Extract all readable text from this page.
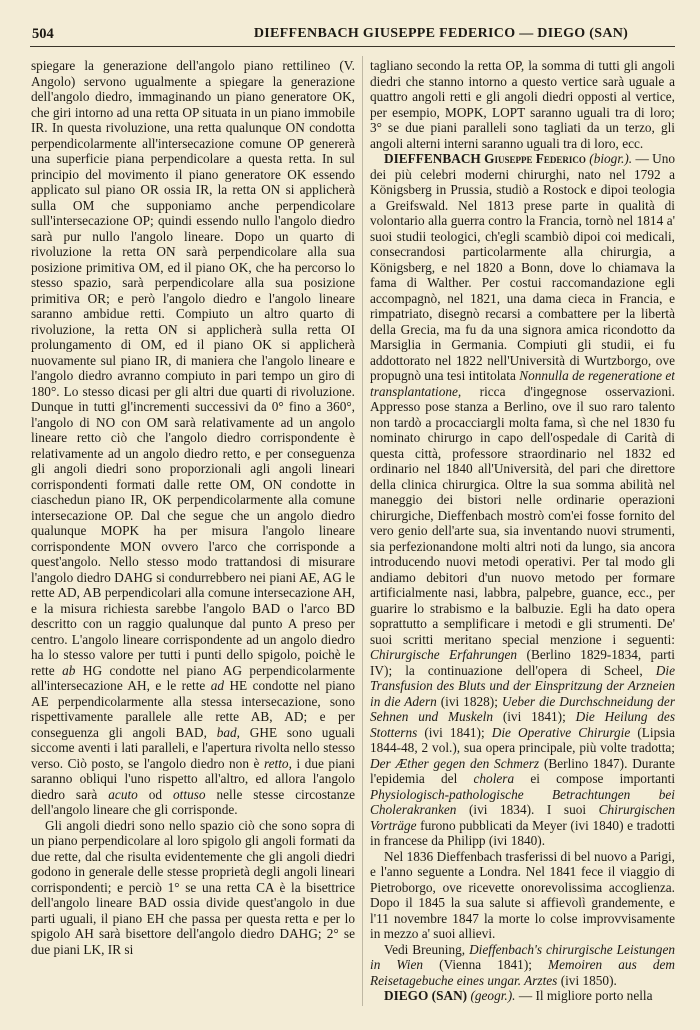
504	DIEFFENBACH GIUSEPPE FEDERICO — DIEGO (SAN)

spiegare la generazione dell'angolo piano rettilineo (V. Angolo) servono ugualmente a spiegare la generazione dell'angolo diedro, immaginando un piano generatore OK, che giri intorno ad una retta OP situata in un piano immobile IR. In questa rivoluzione, una retta qualunque ON condotta perpendicolarmente all'intersecazione comune OP genererà una superficie piana perpendicolare a questa retta. In sul principio del movimento il piano generatore OK essendo applicato sul piano OR ossia IR, la retta ON si applicherà sulla OM che supponiamo anche perpendicolare sull'intersecazione OP; quindi essendo nullo l'angolo diedro sarà pur nullo l'angolo lineare. Dopo un quarto di rivoluzione la retta ON sarà perpendicolare alla sua posizione primitiva OM, ed il piano OK, che ha percorso lo stesso spazio, sarà perpendicolare alla sua posizione primitiva OR; e però l'angolo diedro e l'angolo lineare saranno ambidue retti. Compiuto un altro quarto di rivoluzione, la retta ON si applicherà sulla retta OI prolungamento di OM, ed il piano OK si applicherà nuovamente sul piano IR, di maniera che l'angolo lineare e l'angolo diedro avranno compiuto in pari tempo un giro di 180°. Lo stesso dicasi per gli altri due quarti di rivoluzione. Dunque in tutti gl'incrementi successivi da 0° fino a 360°, l'angolo di NO con OM sarà relativamente ad un angolo lineare retto ciò che l'angolo diedro corrispondente è relativamente ad un angolo diedro retto, e per conseguenza gli angoli diedri sono proporzionali agli angoli lineari corrispondenti formati dalle rette OM, ON condotte in ciaschedun piano IR, OK perpendicolarmente alla comune intersecazione OP. Dal che segue che un angolo diedro qualunque MOPK ha per misura l'angolo lineare corrispondente MON ovvero l'arco che corrisponde a quest'angolo. Nello stesso modo trattandosi di misurare l'angolo diedro DAHG si condurrebbero nei piani AE, AG le rette AD, AB perpendicolari alla comune intersecazione AH, e la misura richiesta sarebbe l'angolo BAD o l'arco BD descritto con un raggio qualunque dal punto A preso per centro. L'angolo lineare corrispondente ad un angolo diedro ha lo stesso valore per tutti i punti dello spigolo, poichè le rette ab HG condotte nel piano AG perpendicolarmente all'intersecazione AH, e le rette ad HE condotte nel piano AE perpendicolarmente alla stessa intersecazione, sono rispettivamente parallele alle rette AB, AD; e per conseguenza gli angoli BAD, bad, GHE sono uguali siccome aventi i lati paralleli, e l'apertura rivolta nello stesso verso. Ciò posto, se l'angolo diedro non è retto, i due piani saranno obliqui l'uno rispetto all'altro, ed allora l'angolo diedro sarà acuto od ottuso nelle stesse circostanze dell'angolo lineare che gli corrisponde.

Gli angoli diedri sono nello spazio ciò che sono sopra di un piano perpendicolare al loro spigolo gli angoli formati da due rette, dal che risulta evidentemente che gli angoli diedri godono in generale delle stesse proprietà degli angoli lineari corrispondenti; e perciò 1° se una retta CA è la bisettrice dell'angolo lineare BAD ossia divide quest'angolo in due parti uguali, il piano EH che passa per questa retta e per lo spigolo AH sarà bisettore dell'angolo diedro DAHG; 2° se due piani LK, IR si

tagliano secondo la retta OP, la somma di tutti gli angoli diedri che stanno intorno a questo vertice sarà uguale a quattro angoli retti e gli angoli diedri opposti al vertice, per esempio, MOPK, LOPT saranno uguali tra di loro; 3° se due piani paralleli sono tagliati da un terzo, gli angoli alterni interni saranno uguali tra di loro, ecc.

DIEFFENBACH Giuseppe Federico (biogr.). — Uno dei più celebri moderni chirurghi, nato nel 1792 a Königsberg in Prussia, studiò a Rostock e dipoi teologia a Greifswald. Nel 1813 prese parte in qualità di volontario alla guerra contro la Francia, tornò nel 1814 a' suoi studii teologici, ch'egli scambiò dipoi coi medicali, consecrandosi particolarmente alla chirurgia, a Königsberg, e nel 1820 a Bonn, dove lo chiamava la fama di Walther. Per costui raccomandazione egli accompagnò, nel 1821, una dama cieca in Francia, e rimpatriato, disegnò recarsi a combattere per la libertà della Grecia, ma fu da una signora amica ricondotto da Marsiglia in Germania. Compiuti gli studii, ei fu addottorato nel 1822 nell'Università di Wurtzborgo, ove propugnò una tesi intitolata Nonnulla de regeneratione et transplantatione, ricca d'ingegnose osservazioni. Appresso pose stanza a Berlino, ove il suo raro talento non tardò a procacciargli molta fama, sì che nel 1830 fu nominato chirurgo in capo dell'ospedale di Carità di questa città, professore straordinario nel 1832 ed ordinario nel 1840 all'Università, del pari che direttore della clinica chirurgica. Oltre la sua somma abilità nel maneggio dei bistori nelle ordinarie operazioni chirurgiche, Dieffenbach mostrò com'ei fosse fornito del vero genio dell'arte sua, sia inventando nuovi strumenti, sia perfezionandone molti altri noti da lungo, sia ancora introducendo nuovi metodi operativi. Per tal modo gli andiamo debitori d'un nuovo metodo per formare artificialmente nasi, labbra, palpebre, guance, ecc., per guarire lo strabismo e la balbuzie. Egli ha dato opera soprattutto a semplificare i metodi e gli strumenti. De' suoi scritti meritano special menzione i seguenti: Chirurgische Erfahrungen (Berlino 1829-1834, parti IV); la continuazione dell'opera di Scheel, Die Transfusion des Bluts und der Einspritzung der Arzneien in die Adern (ivi 1828); Ueber die Durchschneidung der Sehnen und Muskeln (ivi 1841); Die Heilung des Stotterns (ivi 1841); Die Operative Chirurgie (Lipsia 1844-48, 2 vol.), sua opera principale, più volte tradotta; Der Æther gegen den Schmerz (Berlino 1847). Durante l'epidemia del cholera ei compose importanti Physiologisch-pathologische Betrachtungen bei Cholerakranken (ivi 1834). I suoi Chirurgischen Vorträge furono pubblicati da Meyer (ivi 1840) e tradotti in francese da Philipp (ivi 1840).

Nel 1836 Dieffenbach trasferissi di bel nuovo a Parigi, e l'anno seguente a Londra. Nel 1841 fece il viaggio di Pietroborgo, ove ricevette onorevolissima accoglienza. Dopo il 1845 la sua salute si affievolì grandemente, e l'11 novembre 1847 la morte lo colse improvvisamente in mezzo a' suoi allievi.

Vedi Breuning, Dieffenbach's chirurgische Leistungen in Wien (Vienna 1841); Memoiren aus dem Reisetagebuche eines ungar. Arztes (ivi 1850).

DIEGO (SAN) (geogr.). — Il migliore porto nella
